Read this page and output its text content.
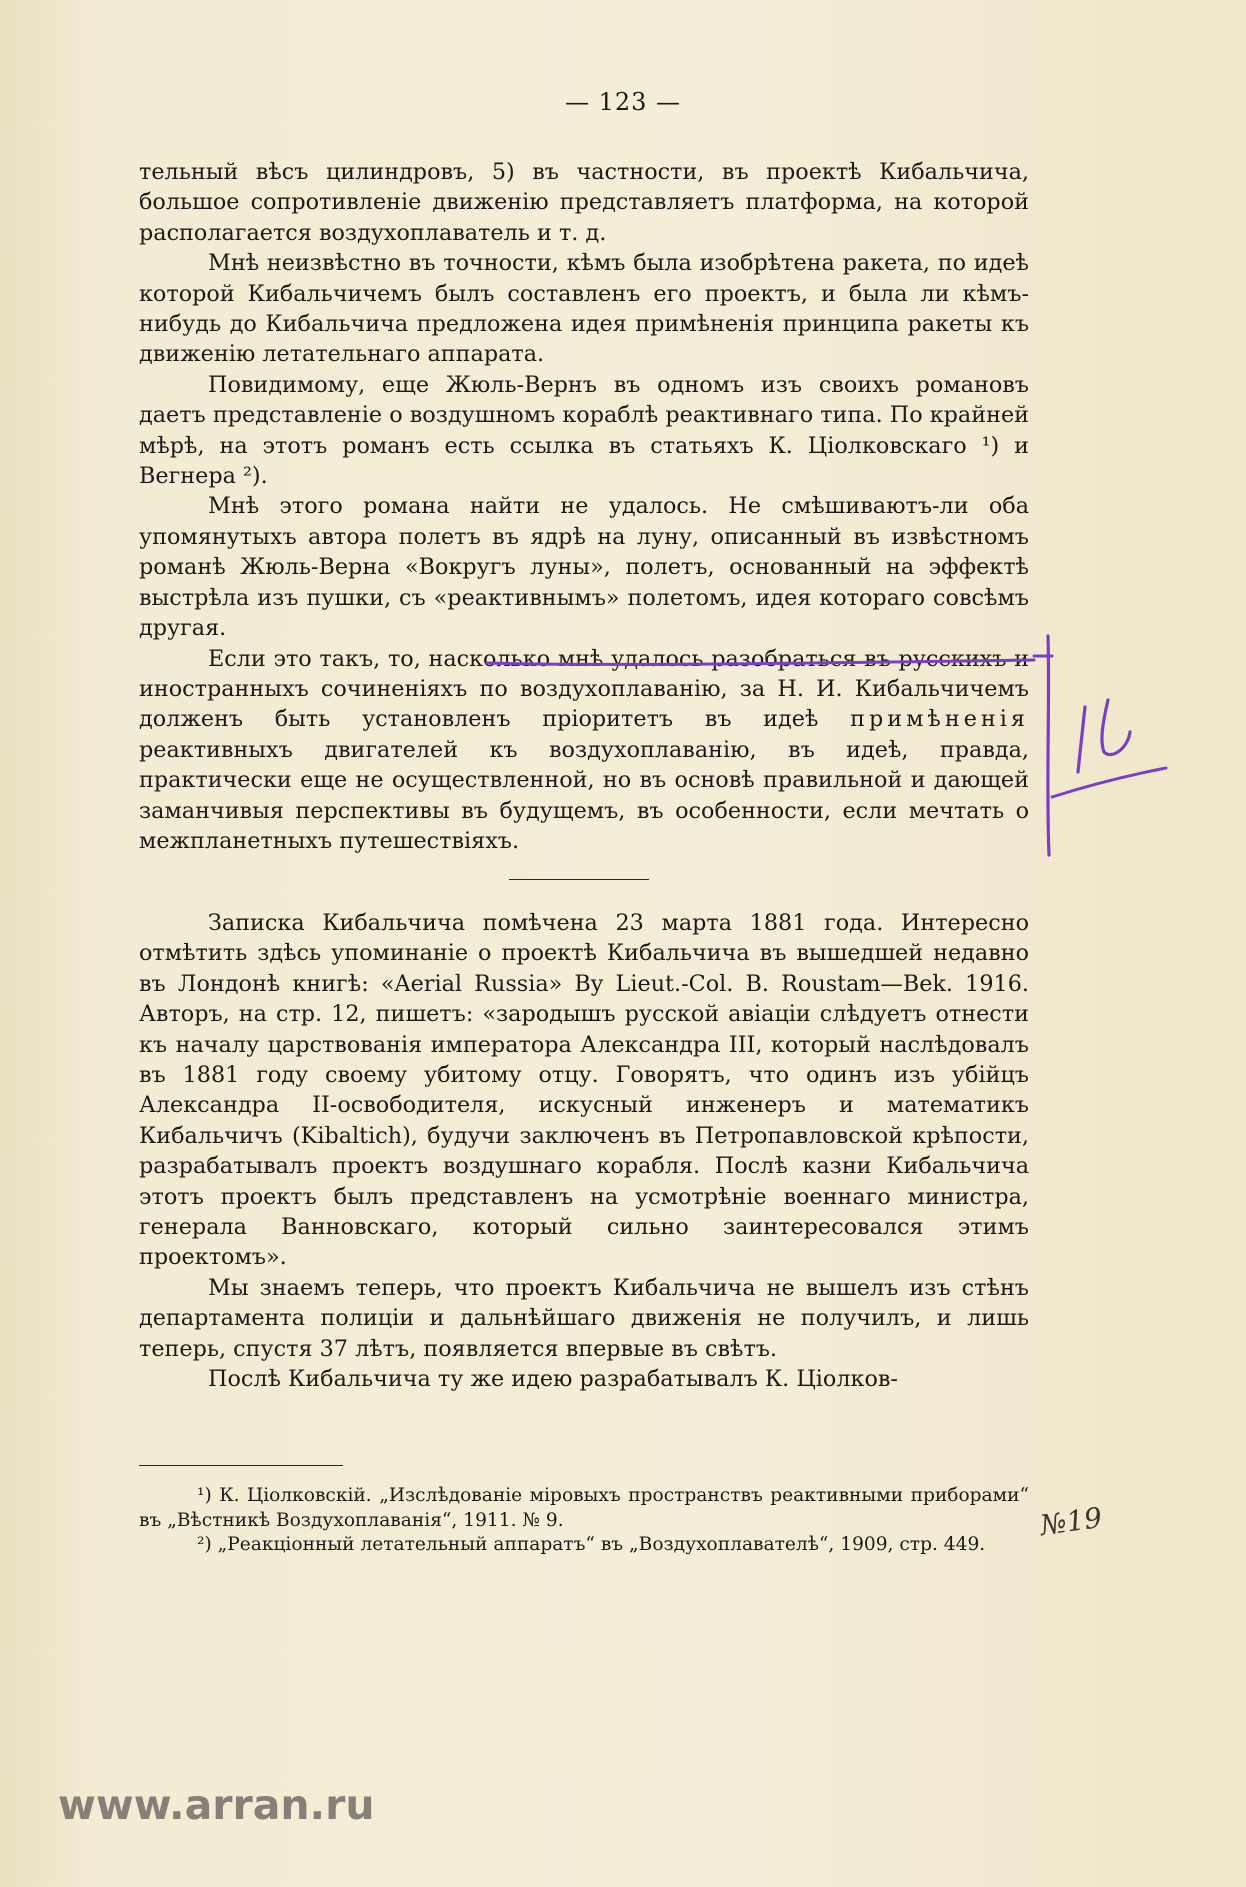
— 123 —

тельный вѣсъ цилиндровъ, 5) въ частности, въ проектѣ Кибальчича, большое сопротивленіе движенію представляетъ платформа, на которой располагается воздухоплаватель и т. д.

Мнѣ неизвѣстно въ точности, кѣмъ была изобрѣтена ракета, по идеѣ которой Кибальчичемъ былъ составленъ его проектъ, и была ли кѣмъ-нибудь до Кибальчича предложена идея примѣненія принципа ракеты къ движенію летательнаго аппарата.

Повидимому, еще Жюль-Вернъ въ одномъ изъ своихъ романовъ даетъ представленіе о воздушномъ кораблѣ реактивнаго типа. По крайней мѣрѣ, на этотъ романъ есть ссылка въ статьяхъ К. Ціолковскаго ¹) и Вегнера ²).

Мнѣ этого романа найти не удалось. Не смѣшиваютъ-ли оба упомянутыхъ автора полетъ въ ядрѣ на луну, описанный въ извѣстномъ романѣ Жюль-Верна «Вокругъ луны», полетъ, основанный на эффектѣ выстрѣла изъ пушки, съ «реактивнымъ» полетомъ, идея котораго совсѣмъ другая.

Если это такъ, то, насколько мнѣ удалось разобраться въ русскихъ и иностранныхъ сочиненіяхъ по воздухоплаванію, за Н. И. Кибальчичемъ долженъ быть установленъ пріоритетъ въ идеѣ примѣненія реактивныхъ двигателей къ воздухоплаванію, въ идеѣ, правда, практически еще не осуществленной, но въ основѣ правильной и дающей заманчивыя перспективы въ будущемъ, въ особенности, если мечтать о межпланетныхъ путешествіяхъ.

Записка Кибальчича помѣчена 23 марта 1881 года. Интересно отмѣтить здѣсь упоминаніе о проектѣ Кибальчича въ вышедшей недавно въ Лондонѣ книгѣ: «Aerial Russia» By Lieut.-Col. B. Roustam—Bek. 1916. Авторъ, на стр. 12, пишетъ: «зародышъ русской авіаціи слѣдуетъ отнести къ началу царствованія императора Александра III, который наслѣдовалъ въ 1881 году своему убитому отцу. Говорятъ, что одинъ изъ убійцъ Александра II-освободителя, искусный инженеръ и математикъ Кибальчичъ (Kibaltich), будучи заключенъ въ Петропавловской крѣпости, разрабатывалъ проектъ воздушнаго корабля. Послѣ казни Кибальчича этотъ проектъ былъ представленъ на усмотрѣніе военнаго министра, генерала Ванновскаго, который сильно заинтересовался этимъ проектомъ».

Мы знаемъ теперь, что проектъ Кибальчича не вышелъ изъ стѣнъ департамента полиціи и дальнѣйшаго движенія не получилъ, и лишь теперь, спустя 37 лѣтъ, появляется впервые въ свѣтъ.

Послѣ Кибальчича ту же идею разрабатывалъ К. Ціолков-

¹) К. Ціолковскій. „Изслѣдованіе міровыхъ пространствъ реактивными приборами“ въ „Вѣстникѣ Воздухоплаванія“, 1911. № 9.

²) „Реакціонный летательный аппаратъ“ въ „Воздухоплавателѣ“, 1909, стр. 449.

15
№19
www.arran.ru
